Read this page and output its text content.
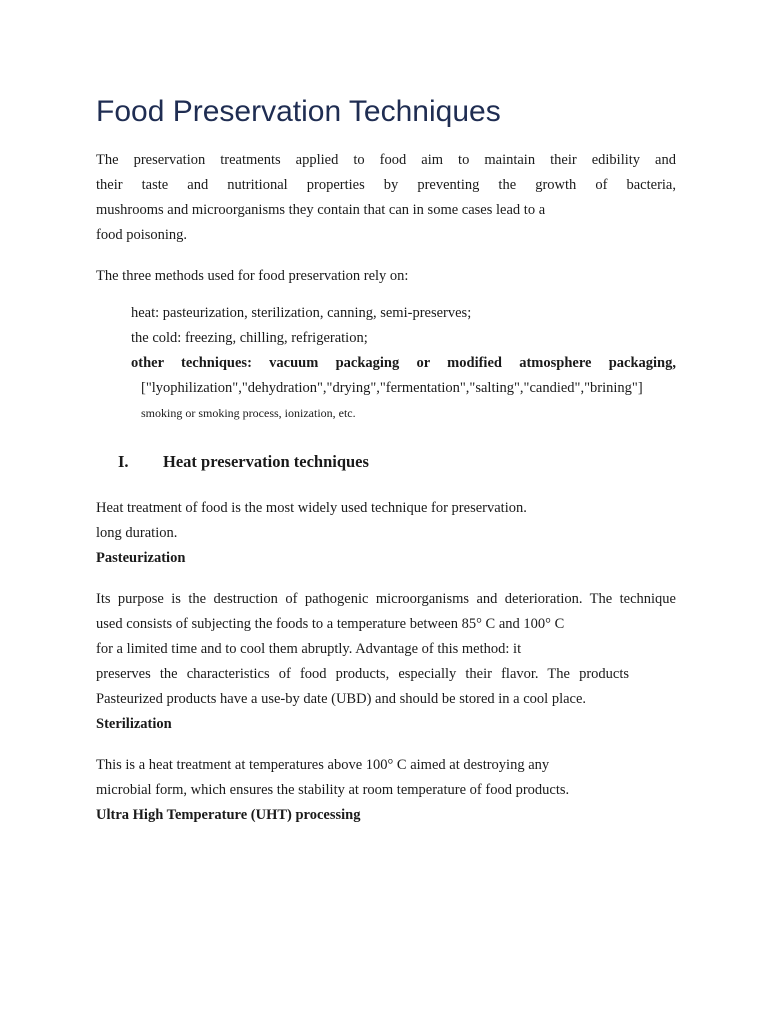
Food Preservation Techniques

The preservation treatments applied to food aim to maintain their edibility and
their taste and nutritional properties by preventing the growth of bacteria,
mushrooms and microorganisms they contain that can in some cases lead to a
food poisoning.

The three methods used for food preservation rely on:

heat: pasteurization, sterilization, canning, semi-preserves;
the cold: freezing, chilling, refrigeration;
other techniques: vacuum packaging or modified atmosphere packaging,
["lyophilization","dehydration","drying","fermentation","salting","candied","brining"]
smoking or smoking process, ionization, etc.
I. Heat preservation techniques

Heat treatment of food is the most widely used technique for preservation.
long duration.

Pasteurization

Its purpose is the destruction of pathogenic microorganisms and deterioration. The technique
used consists of subjecting the foods to a temperature between 85° C and 100° C
for a limited time and to cool them abruptly. Advantage of this method: it
preserves the characteristics of food products, especially their flavor. The products
Pasteurized products have a use-by date (UBD) and should be stored in a cool place.

Sterilization

This is a heat treatment at temperatures above 100° C aimed at destroying any
microbial form, which ensures the stability at room temperature of food products.

Ultra High Temperature (UHT) processing
